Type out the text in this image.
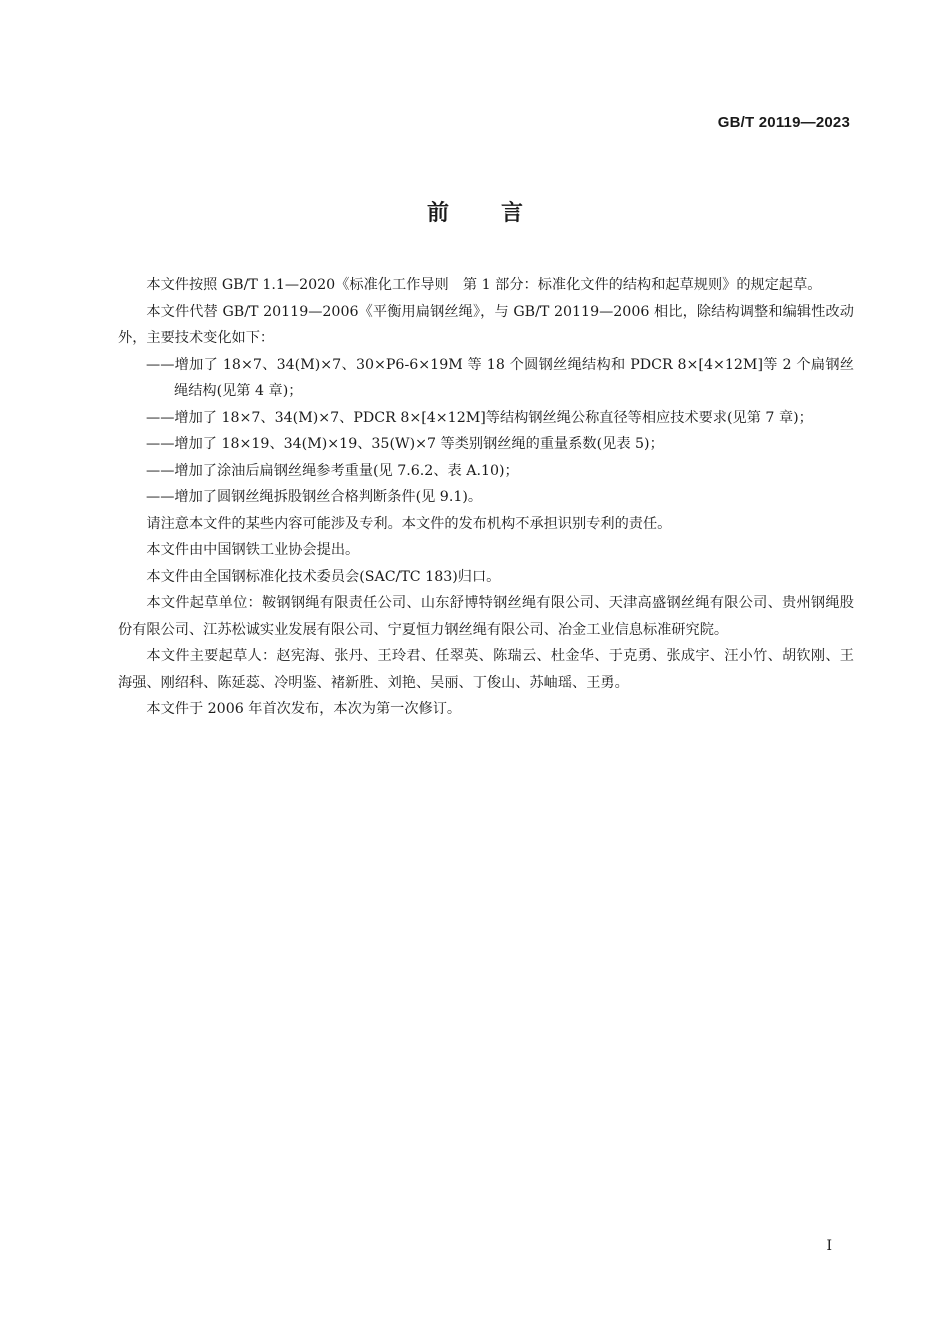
GB/T 20119—2023
前言

本文件按照 GB/T 1.1—2020《标准化工作导则　第 1 部分：标准化文件的结构和起草规则》的规定起草。

本文件代替 GB/T 20119—2006《平衡用扁钢丝绳》，与 GB/T 20119—2006 相比，除结构调整和编辑性改动外，主要技术变化如下：

——增加了 18×7、34(M)×7、30×P6-6×19M 等 18 个圆钢丝绳结构和 PDCR 8×[4×12M]等 2 个扁钢丝绳结构(见第 4 章)；

——增加了 18×7、34(M)×7、PDCR 8×[4×12M]等结构钢丝绳公称直径等相应技术要求(见第 7 章)；

——增加了 18×19、34(M)×19、35(W)×7 等类别钢丝绳的重量系数(见表 5)；

——增加了涂油后扁钢丝绳参考重量(见 7.6.2、表 A.10)；

——增加了圆钢丝绳拆股钢丝合格判断条件(见 9.1)。

请注意本文件的某些内容可能涉及专利。本文件的发布机构不承担识别专利的责任。

本文件由中国钢铁工业协会提出。

本文件由全国钢标准化技术委员会(SAC/TC 183)归口。

本文件起草单位：鞍钢钢绳有限责任公司、山东舒博特钢丝绳有限公司、天津高盛钢丝绳有限公司、贵州钢绳股份有限公司、江苏松诚实业发展有限公司、宁夏恒力钢丝绳有限公司、冶金工业信息标准研究院。

本文件主要起草人：赵宪海、张丹、王玲君、任翠英、陈瑞云、杜金华、于克勇、张成宇、汪小竹、胡钦刚、王海强、刚绍科、陈延蕊、冷明鉴、褚新胜、刘艳、吴丽、丁俊山、苏岫瑶、王勇。

本文件于 2006 年首次发布，本次为第一次修订。

I
